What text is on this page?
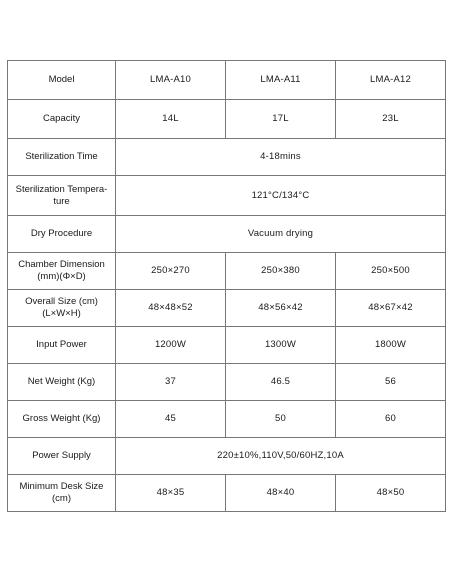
Model	LMA-A10	LMA-A11	LMA-A12
Capacity	14L	17L	23L
Sterilization Time	4-18mins		
Sterilization Tempera-
ture	121°C/134°C		
Dry Procedure	Vacuum drying		
Chamber Dimension
(mm)(Φ×D)	250×270	250×380	250×500
Overall Size (cm)
(L×W×H)	48×48×52	48×56×42	48×67×42
Input Power	1200W	1300W	1800W
Net Weight (Kg)	37	46.5	56
Gross Weight (Kg)	45	50	60
Power Supply	220±10%,110V,50/60HZ,10A		
Minimum Desk Size
(cm)	48×35	48×40	48×50
